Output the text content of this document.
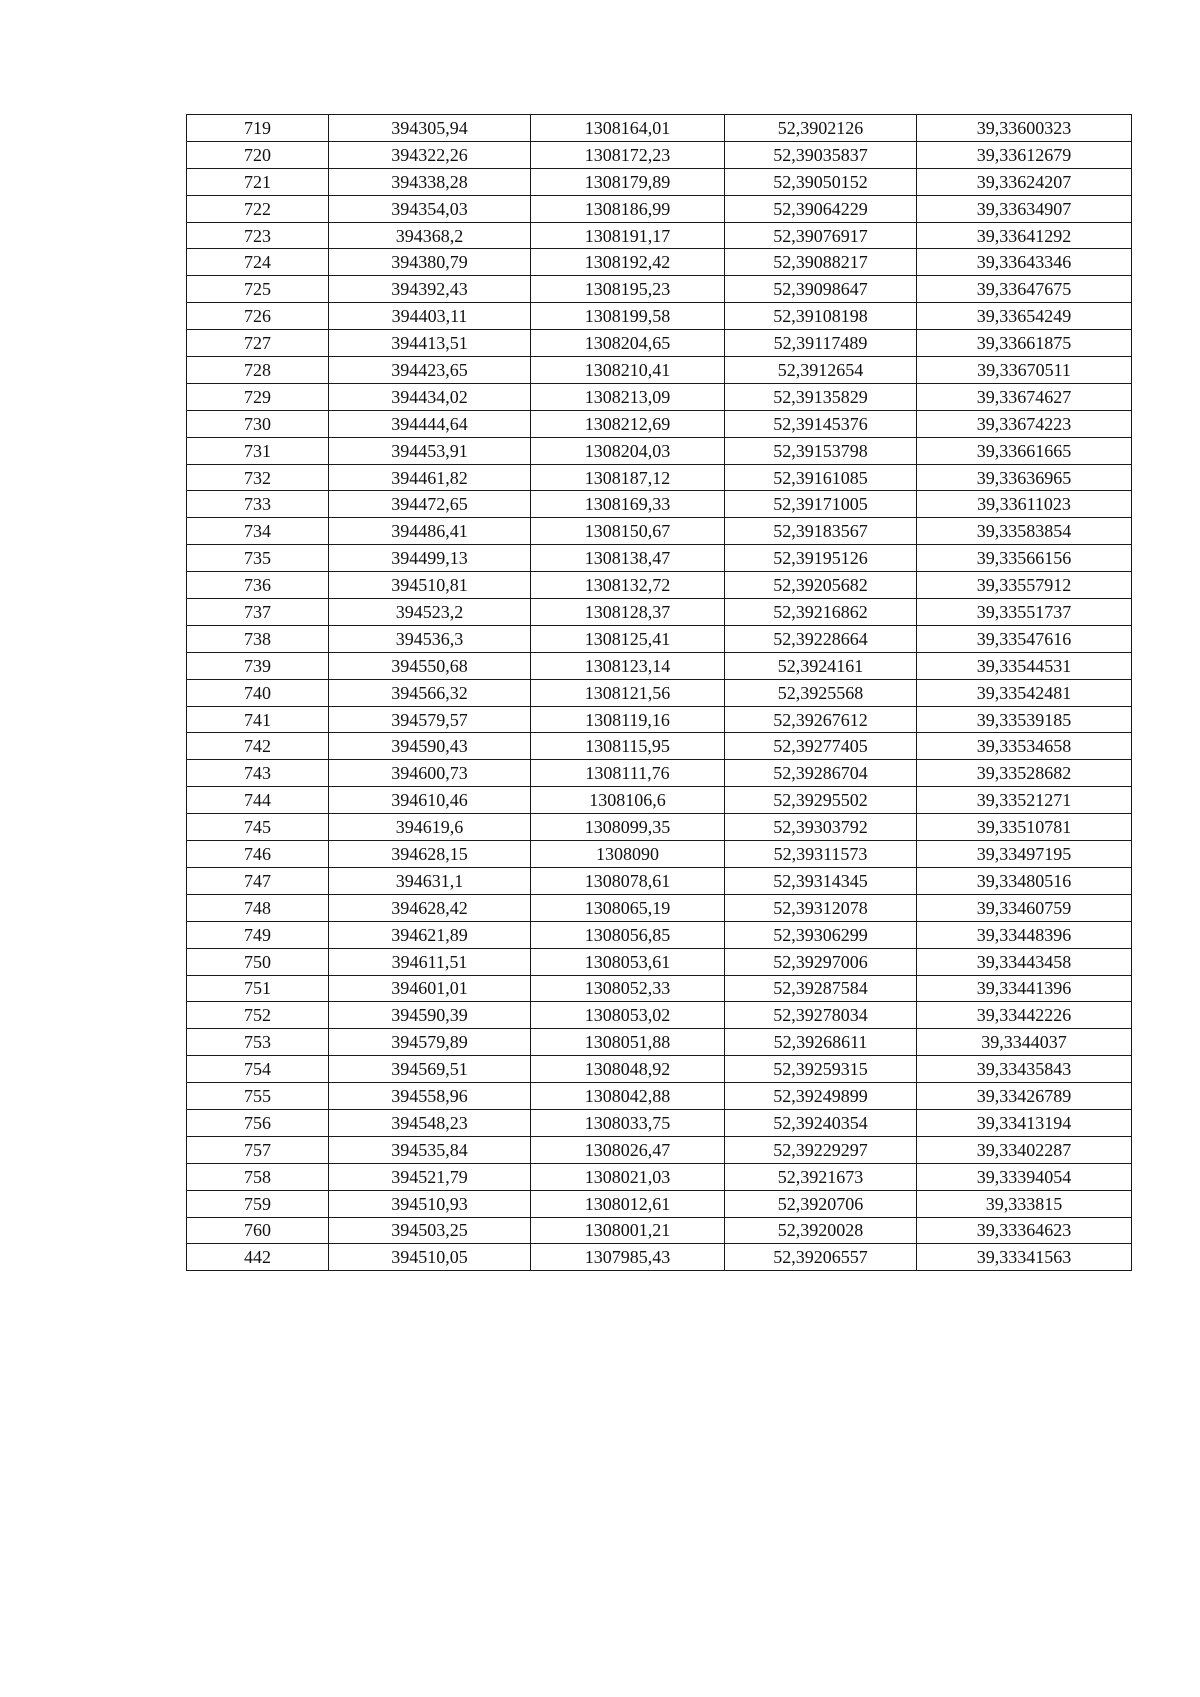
719	394305,94	1308164,01	52,3902126	39,33600323
720	394322,26	1308172,23	52,39035837	39,33612679
721	394338,28	1308179,89	52,39050152	39,33624207
722	394354,03	1308186,99	52,39064229	39,33634907
723	394368,2	1308191,17	52,39076917	39,33641292
724	394380,79	1308192,42	52,39088217	39,33643346
725	394392,43	1308195,23	52,39098647	39,33647675
726	394403,11	1308199,58	52,39108198	39,33654249
727	394413,51	1308204,65	52,39117489	39,33661875
728	394423,65	1308210,41	52,3912654	39,33670511
729	394434,02	1308213,09	52,39135829	39,33674627
730	394444,64	1308212,69	52,39145376	39,33674223
731	394453,91	1308204,03	52,39153798	39,33661665
732	394461,82	1308187,12	52,39161085	39,33636965
733	394472,65	1308169,33	52,39171005	39,33611023
734	394486,41	1308150,67	52,39183567	39,33583854
735	394499,13	1308138,47	52,39195126	39,33566156
736	394510,81	1308132,72	52,39205682	39,33557912
737	394523,2	1308128,37	52,39216862	39,33551737
738	394536,3	1308125,41	52,39228664	39,33547616
739	394550,68	1308123,14	52,3924161	39,33544531
740	394566,32	1308121,56	52,3925568	39,33542481
741	394579,57	1308119,16	52,39267612	39,33539185
742	394590,43	1308115,95	52,39277405	39,33534658
743	394600,73	1308111,76	52,39286704	39,33528682
744	394610,46	1308106,6	52,39295502	39,33521271
745	394619,6	1308099,35	52,39303792	39,33510781
746	394628,15	1308090	52,39311573	39,33497195
747	394631,1	1308078,61	52,39314345	39,33480516
748	394628,42	1308065,19	52,39312078	39,33460759
749	394621,89	1308056,85	52,39306299	39,33448396
750	394611,51	1308053,61	52,39297006	39,33443458
751	394601,01	1308052,33	52,39287584	39,33441396
752	394590,39	1308053,02	52,39278034	39,33442226
753	394579,89	1308051,88	52,39268611	39,3344037
754	394569,51	1308048,92	52,39259315	39,33435843
755	394558,96	1308042,88	52,39249899	39,33426789
756	394548,23	1308033,75	52,39240354	39,33413194
757	394535,84	1308026,47	52,39229297	39,33402287
758	394521,79	1308021,03	52,3921673	39,33394054
759	394510,93	1308012,61	52,3920706	39,333815
760	394503,25	1308001,21	52,3920028	39,33364623
442	394510,05	1307985,43	52,39206557	39,33341563
